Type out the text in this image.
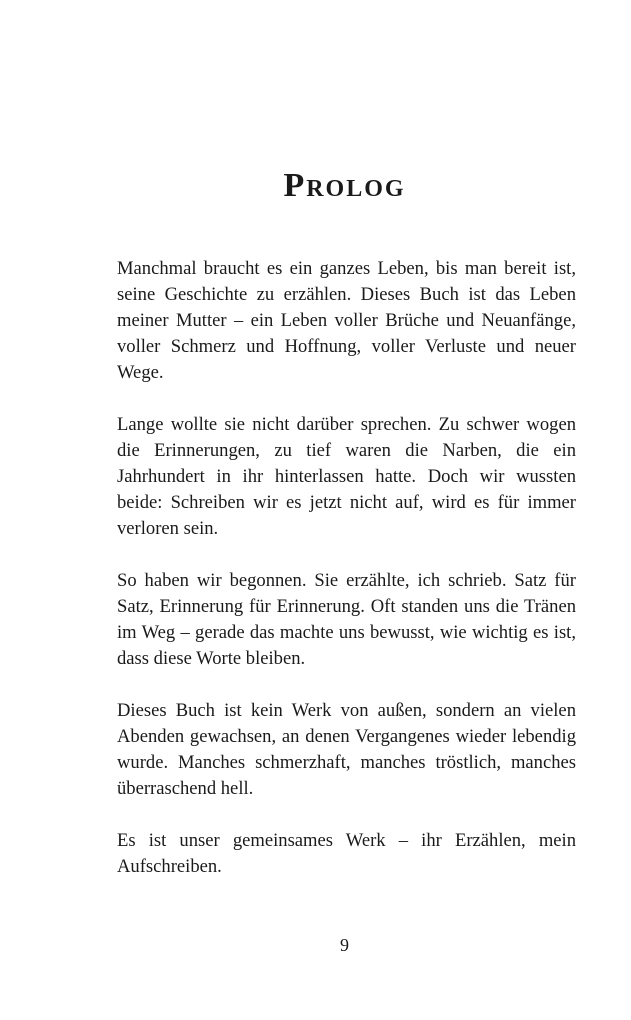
Prolog

Manchmal braucht es ein ganzes Leben, bis man bereit ist, seine Geschichte zu erzählen. Dieses Buch ist das Leben meiner Mutter – ein Leben voller Brüche und Neuanfänge, voller Schmerz und Hoffnung, voller Verluste und neuer Wege.

Lange wollte sie nicht darüber sprechen. Zu schwer wogen die Erinnerungen, zu tief waren die Narben, die ein Jahrhundert in ihr hinterlassen hatte. Doch wir wussten beide: Schreiben wir es jetzt nicht auf, wird es für immer verloren sein.

So haben wir begonnen. Sie erzählte, ich schrieb. Satz für Satz, Erinnerung für Erinnerung. Oft standen uns die Tränen im Weg – gerade das machte uns bewusst, wie wichtig es ist, dass diese Worte bleiben.

Dieses Buch ist kein Werk von außen, sondern an vielen Abenden gewachsen, an denen Vergangenes wieder lebendig wurde. Manches schmerzhaft, manches tröstlich, manches überraschend hell.

Es ist unser gemeinsames Werk – ihr Erzählen, mein Aufschreiben.

9
